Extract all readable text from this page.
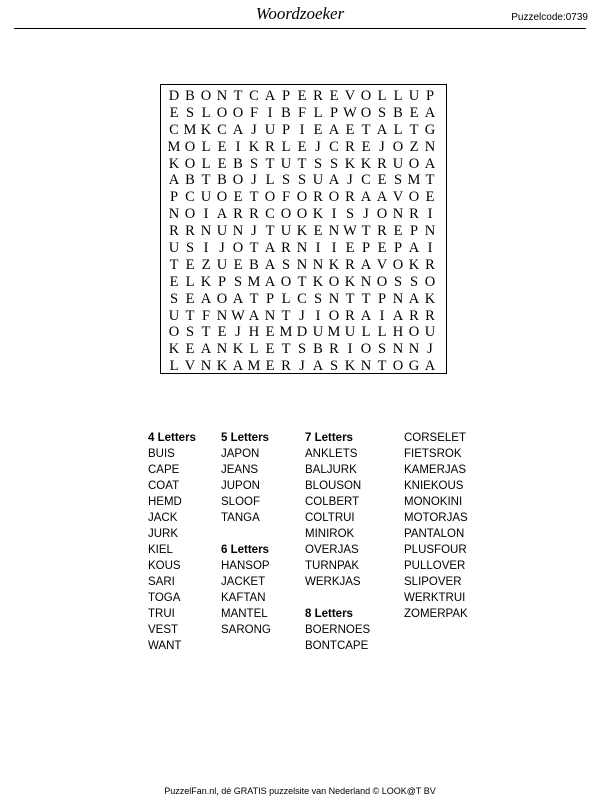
Woordzoeker	Puzzelcode:0739
D B O N T C A P E R E V O L L U P
E S L O O F I B F L P W O S B E A
C M K C A J U P I E A E T A L T G
M O L E I K R L E J C R E J O Z N
K O L E B S T U T S S K K R U O A
A B T B O J L S S U A J C E S M T
P C U O E T O F O R O R A A V O E
N O I A R R C O O K I S J O N R I
R R N U N J T U K E N W T R E P N
U S I J O T A R N I I E P E P A I
T E Z U E B A S N N K R A V O K R
E L K P S M A O T K O K N O S S O
S E A O A T P L C S N T T P N A K
U T F N W A N T J I O R A I A R R
O S T E J H E M D U M U L L H O U
K E A N K L E T S B R I O S N N J
L V N K A M E R J A S K N T O G A
4 Letters
BUIS
CAPE
COAT
HEMD
JACK
JURK
KIEL
KOUS
SARI
TOGA
TRUI
VEST
WANT
5 Letters
JAPON
JEANS
JUPON
SLOOF
TANGA
6 Letters
HANSOP
JACKET
KAFTAN
MANTEL
SARONG
7 Letters
ANKLETS
BALJURK
BLOUSON
COLBERT
COLTRUI
MINIROK
OVERJAS
TURNPAK
WERKJAS
8 Letters
BOERNOES
BONTCAPE
CORSELET
FIETSROK
KAMERJAS
KNIEKOUS
MONOKINI
MOTORJAS
PANTALON
PLUSFOUR
PULLOVER
SLIPOVER
WERKTRUI
ZOMERPAK
PuzzelFan.nl, dé GRATIS puzzelsite van Nederland © LOOK@T BV
